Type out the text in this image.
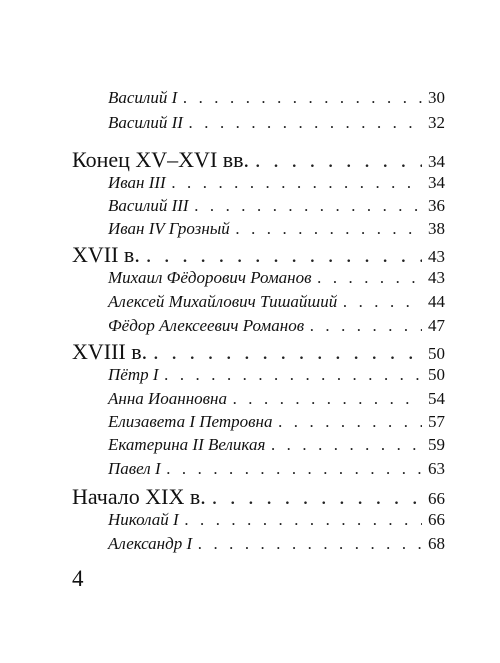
Василий I . . .	30
Василий II . . .	32
Конец XV–XVI вв. . . .	34
Иван III . . .	34
Василий III . . .	36
Иван IV Грозный . . .	38
XVII в. . . .	43
Михаил Фёдорович Романов . . .	43
Алексей Михайлович Тишайший . . .	44
Фёдор Алексеевич Романов . . .	47
XVIII в. . . .	50
Пётр I . . .	50
Анна Иоанновна . . .	54
Елизавета I Петровна . . .	57
Екатерина II Великая . . .	59
Павел I . . .	63
Начало XIX в. . . .	66
Николай I . . .	66
Александр I . . .	68
4
